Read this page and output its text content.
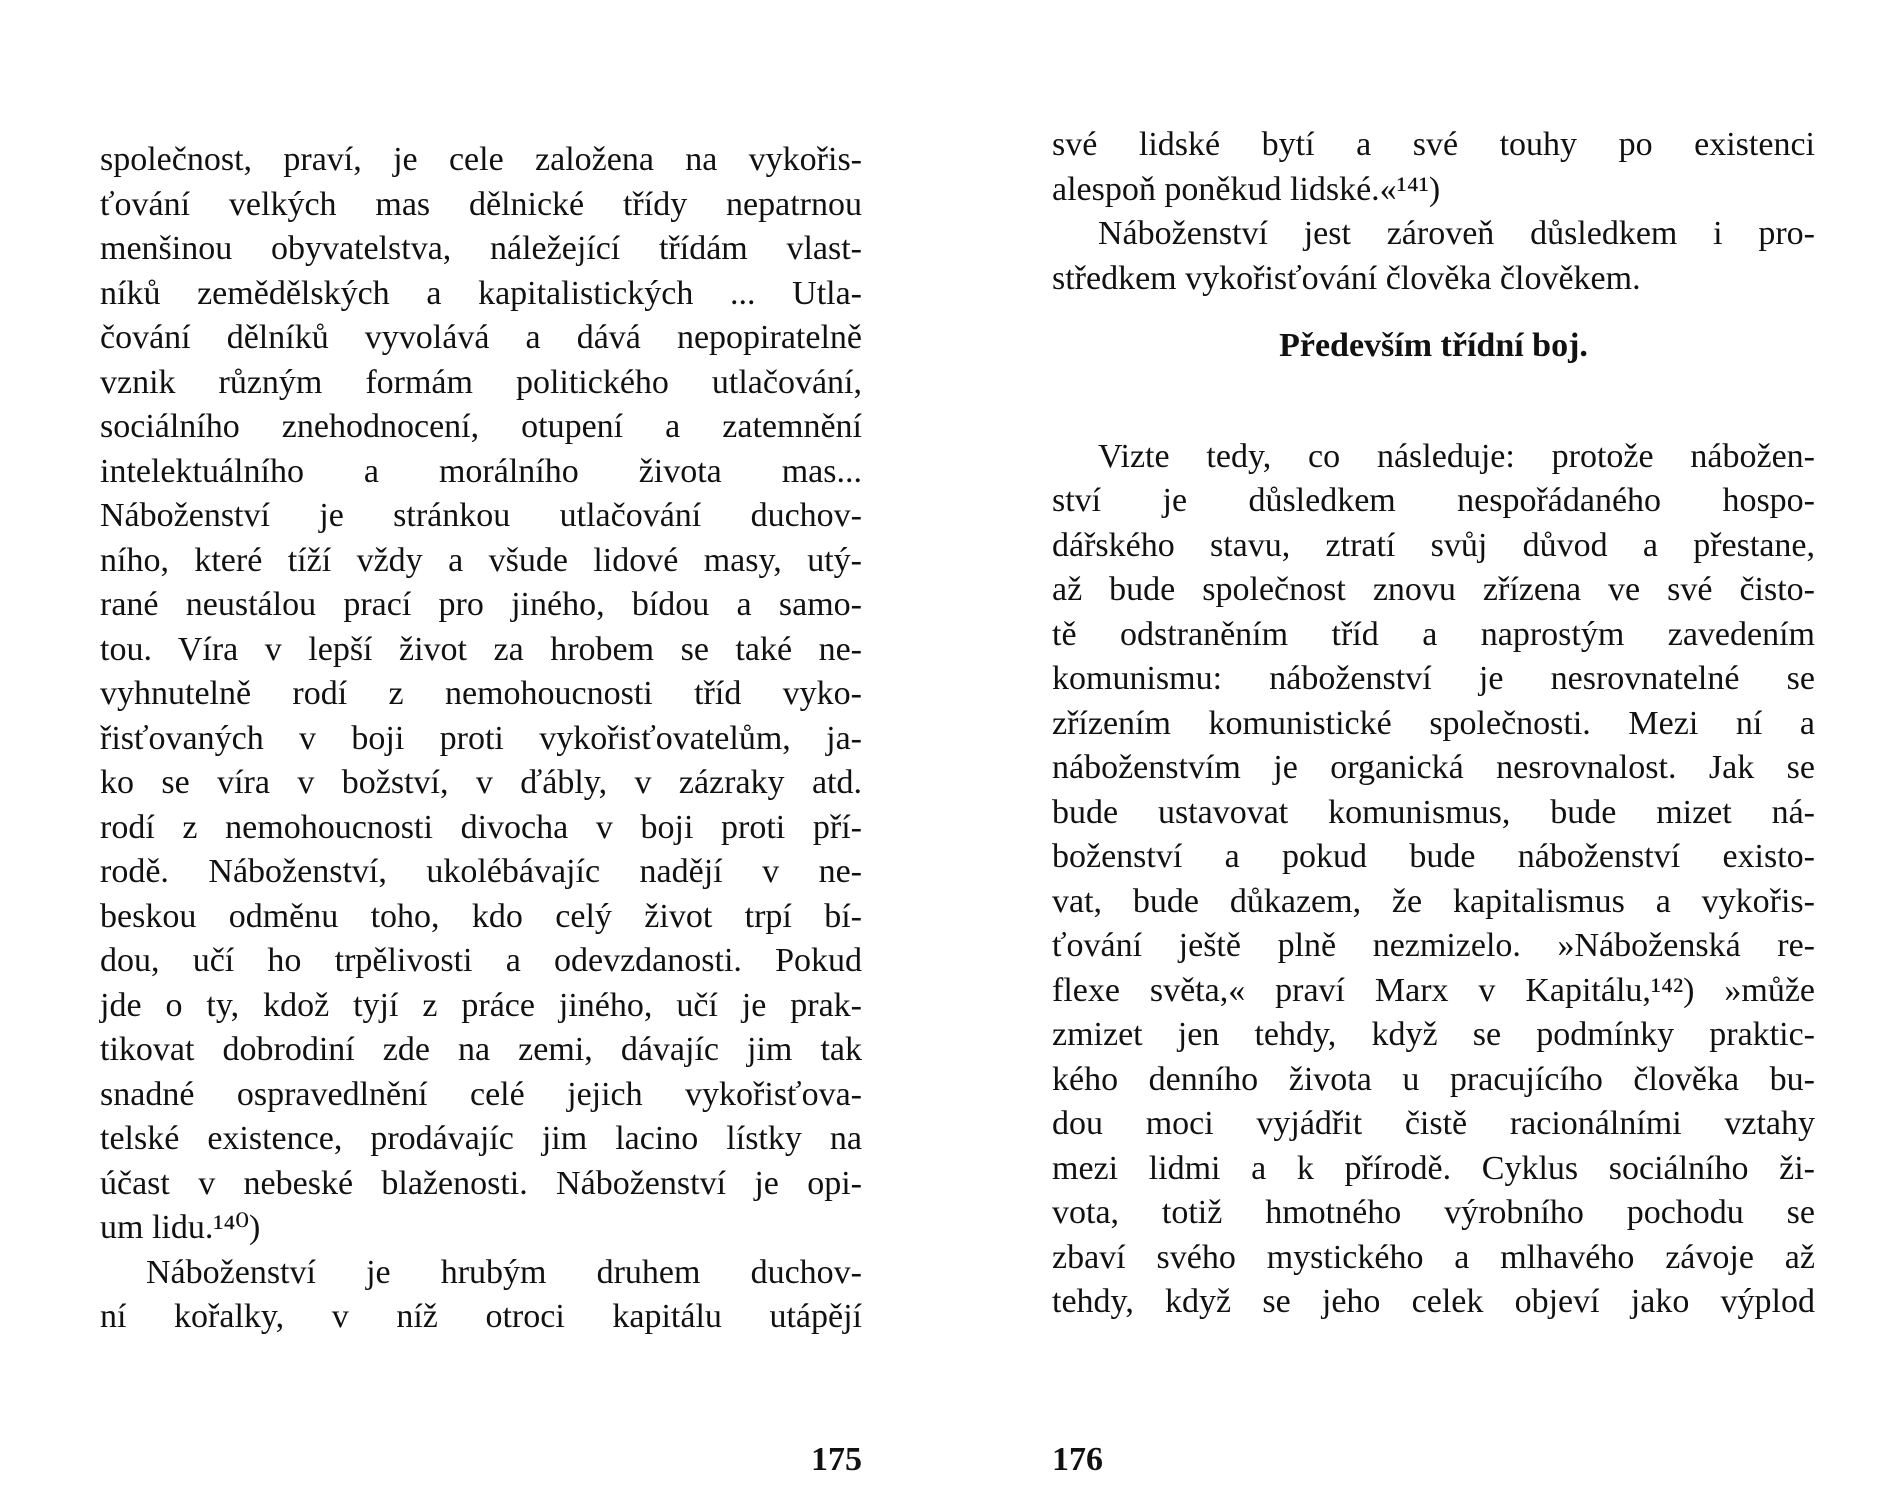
společnost, praví, je cele založena na vykořis-
ťování velkých mas dělnické třídy nepatrnou
menšinou obyvatelstva, náležející třídám vlast-
níků zemědělských a kapitalistických ... Utla-
čování dělníků vyvolává a dává nepopiratelně
vznik různým formám politického utlačování,
sociálního znehodnocení, otupení a zatemnění
intelektuálního a morálního života mas...
Náboženství je stránkou utlačování duchov-
ního, které tíží vždy a všude lidové masy, utý-
rané neustálou prací pro jiného, bídou a samo-
tou. Víra v lepší život za hrobem se také ne-
vyhnutelně rodí z nemohoucnosti tříd vyko-
řisťovaných v boji proti vykořisťovatelům, ja-
ko se víra v božství, v ďábly, v zázraky atd.
rodí z nemohoucnosti divocha v boji proti pří-
rodě. Náboženství, ukolébávajíc nadějí v ne-
beskou odměnu toho, kdo celý život trpí bí-
dou, učí ho trpělivosti a odevzdanosti. Pokud
jde o ty, kdož tyjí z práce jiného, učí je prak-
tikovat dobrodiní zde na zemi, dávajíc jim tak
snadné ospravedlnění celé jejich vykořisťova-
telské existence, prodávajíc jim lacino lístky na
účast v nebeské blaženosti. Náboženství je opi-
um lidu.¹⁴⁰)
Náboženství je hrubým druhem duchov-
ní kořalky, v níž otroci kapitálu utápějí
175
své lidské bytí a své touhy po existenci
alespoň poněkud lidské.«¹⁴¹)
Náboženství jest zároveň důsledkem i pro-
středkem vykořisťování člověka člověkem.
Především třídní boj.
Vizte tedy, co následuje: protože nábožen-
ství je důsledkem nespořádaného hospo-
dářského stavu, ztratí svůj důvod a přestane,
až bude společnost znovu zřízena ve své čisto-
tě odstraněním tříd a naprostým zavedením
komunismu: náboženství je nesrovnatelné se
zřízením komunistické společnosti. Mezi ní a
náboženstvím je organická nesrovnalost. Jak se
bude ustavovat komunismus, bude mizet ná-
boženství a pokud bude náboženství existo-
vat, bude důkazem, že kapitalismus a vykořis-
ťování ještě plně nezmizelo. »Náboženská re-
flexe světa,« praví Marx v Kapitálu,¹⁴²) »může
zmizet jen tehdy, když se podmínky praktic-
kého denního života u pracujícího člověka bu-
dou moci vyjádřit čistě racionálními vztahy
mezi lidmi a k přírodě. Cyklus sociálního ži-
vota, totiž hmotného výrobního pochodu se
zbaví svého mystického a mlhavého závoje až
tehdy, když se jeho celek objeví jako výplod
176
